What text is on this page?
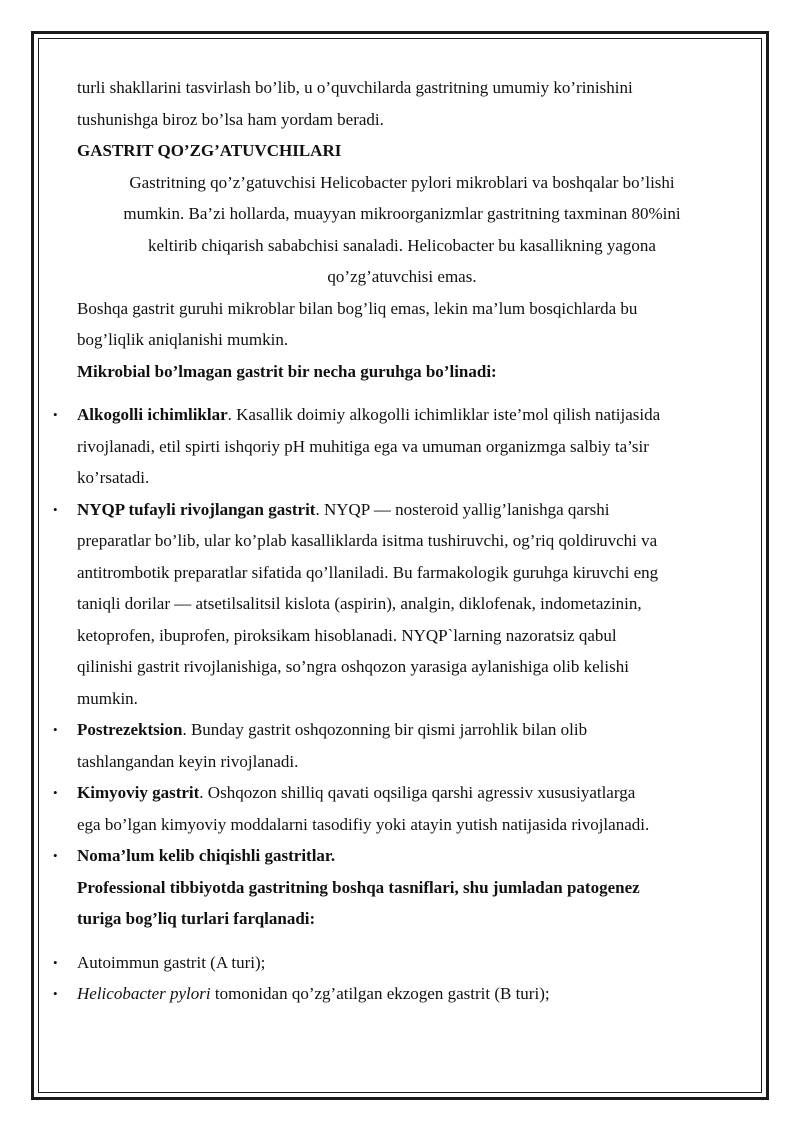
turli shakllarini tasvirlash bo’lib, u o’quvchilarda gastritning umumiy ko’rinishini
tushunishga biroz bo’lsa ham yordam beradi.

GASTRIT QO’ZG’ATUVCHILARI

Gastritning qo’z’gatuvchisi Helicobacter pylori mikroblari va boshqalar bo’lishi
mumkin. Ba’zi hollarda, muayyan mikroorganizmlar gastritning taxminan 80%ini
keltirib chiqarish sababchisi sanaladi. Helicobacter bu kasallikning yagona
qo’zg’atuvchisi emas.

Boshqa gastrit guruhi mikroblar bilan bog’liq emas, lekin ma’lum bosqichlarda bu
bog’liqlik aniqlanishi mumkin.

Mikrobial bo’lmagan gastrit bir necha guruhga bo’linadi:

• Alkogolli ichimliklar. Kasallik doimiy alkogolli ichimliklar iste’mol qilish natijasida
rivojlanadi, etil spirti ishqoriy pH muhitiga ega va umuman organizmga salbiy ta’sir
ko’rsatadi.
• NYQP tufayli rivojlangan gastrit. NYQP — nosteroid yallig’lanishga qarshi
preparatlar bo’lib, ular ko’plab kasalliklarda isitma tushiruvchi, og’riq qoldiruvchi va
antitrombotik preparatlar sifatida qo’llaniladi. Bu farmakologik guruhga kiruvchi eng
taniqli dorilar — atsetilsalitsil kislota (aspirin), analgin, diklofenak, indometazinin,
ketoprofen, ibuprofen, piroksikam hisoblanadi. NYQP`larning nazoratsiz qabul
qilinishi gastrit rivojlanishiga, so’ngra oshqozon yarasiga aylanishiga olib kelishi
mumkin.
• Postrezektsion. Bunday gastrit oshqozonning bir qismi jarrohlik bilan olib
tashlangandan keyin rivojlanadi.
• Kimyoviy gastrit. Oshqozon shilliq qavati oqsiliga qarshi agressiv xususiyatlarga
ega bo’lgan kimyoviy moddalarni tasodifiy yoki atayin yutish natijasida rivojlanadi.
• Noma’lum kelib chiqishli gastritlar.

Professional tibbiyotda gastritning boshqa tasniflari, shu jumladan patogenez
turiga bog’liq turlari farqlanadi:

• Autoimmun gastrit (A turi);
• Helicobacter pylori tomonidan qo’zg’atilgan ekzogen gastrit (B turi);
